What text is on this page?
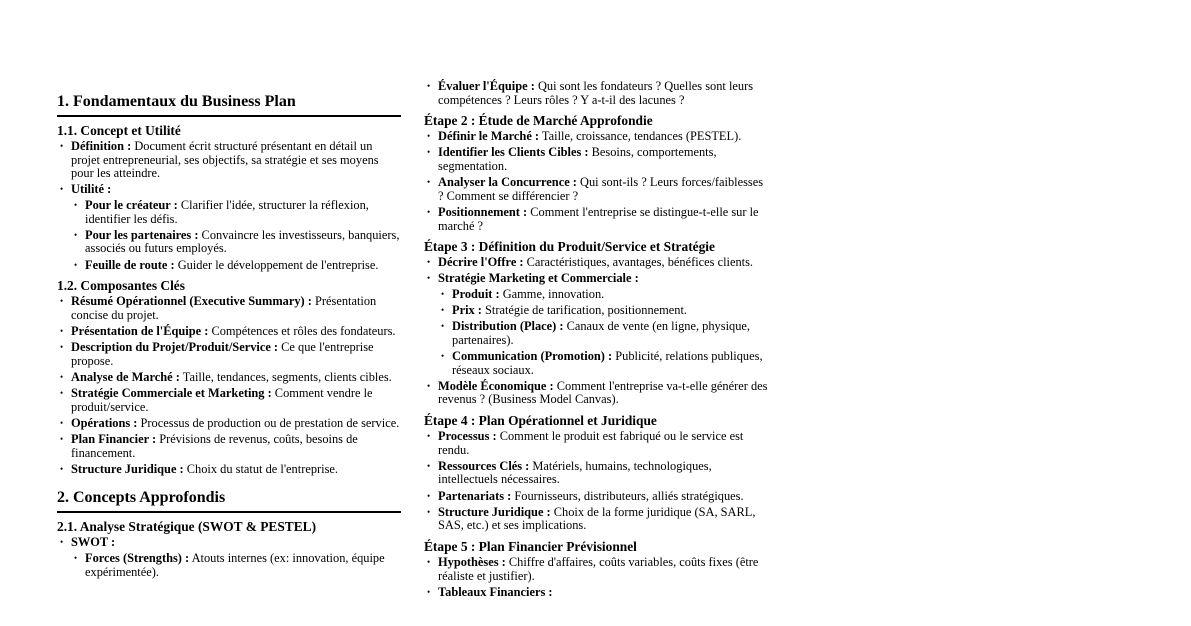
1. Fondamentaux du Business Plan
1.1. Concept et Utilité
• Définition : Document écrit structuré présentant en détail un projet entrepreneurial, ses objectifs, sa stratégie et ses moyens pour les atteindre.
• Utilité :
• Pour le créateur : Clarifier l'idée, structurer la réflexion, identifier les défis.
• Pour les partenaires : Convaincre les investisseurs, banquiers, associés ou futurs employés.
• Feuille de route : Guider le développement de l'entreprise.
1.2. Composantes Clés
• Résumé Opérationnel (Executive Summary) : Présentation concise du projet.
• Présentation de l'Équipe : Compétences et rôles des fondateurs.
• Description du Projet/Produit/Service : Ce que l'entreprise propose.
• Analyse de Marché : Taille, tendances, segments, clients cibles.
• Stratégie Commerciale et Marketing : Comment vendre le produit/service.
• Opérations : Processus de production ou de prestation de service.
• Plan Financier : Prévisions de revenus, coûts, besoins de financement.
• Structure Juridique : Choix du statut de l'entreprise.
2. Concepts Approfondis
2.1. Analyse Stratégique (SWOT & PESTEL)
• SWOT :
• Forces (Strengths) : Atouts internes (ex: innovation, équipe expérimentée).
• Évaluer l'Équipe : Qui sont les fondateurs ? Quelles sont leurs compétences ? Leurs rôles ? Y a-t-il des lacunes ?
Étape 2 : Étude de Marché Approfondie
• Définir le Marché : Taille, croissance, tendances (PESTEL).
• Identifier les Clients Cibles : Besoins, comportements, segmentation.
• Analyser la Concurrence : Qui sont-ils ? Leurs forces/faiblesses ? Comment se différencier ?
• Positionnement : Comment l'entreprise se distingue-t-elle sur le marché ?
Étape 3 : Définition du Produit/Service et Stratégie
• Décrire l'Offre : Caractéristiques, avantages, bénéfices clients.
• Stratégie Marketing et Commerciale :
• Produit : Gamme, innovation.
• Prix : Stratégie de tarification, positionnement.
• Distribution (Place) : Canaux de vente (en ligne, physique, partenaires).
• Communication (Promotion) : Publicité, relations publiques, réseaux sociaux.
• Modèle Économique : Comment l'entreprise va-t-elle générer des revenus ? (Business Model Canvas).
Étape 4 : Plan Opérationnel et Juridique
• Processus : Comment le produit est fabriqué ou le service est rendu.
• Ressources Clés : Matériels, humains, technologiques, intellectuels nécessaires.
• Partenariats : Fournisseurs, distributeurs, alliés stratégiques.
• Structure Juridique : Choix de la forme juridique (SA, SARL, SAS, etc.) et ses implications.
Étape 5 : Plan Financier Prévisionnel
• Hypothèses : Chiffre d'affaires, coûts variables, coûts fixes (être réaliste et justifier).
• Tableaux Financiers :
